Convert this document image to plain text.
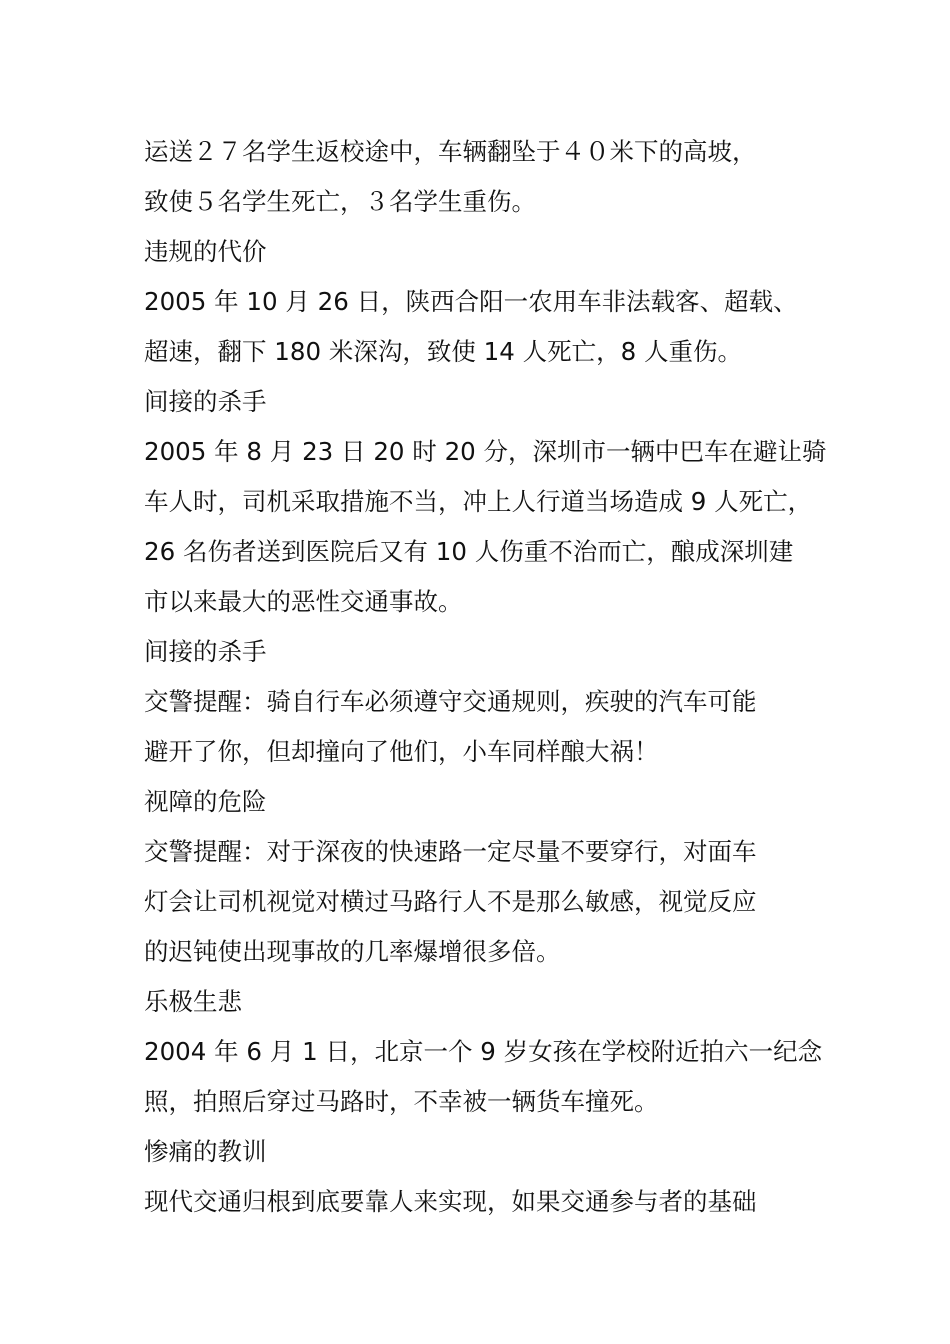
运送２７名学生返校途中，车辆翻坠于４０米下的高坡，
致使５名学生死亡，３名学生重伤。
违规的代价
2005 年 10 月 26 日，陕西合阳一农用车非法载客、超载、
超速，翻下 180 米深沟，致使 14 人死亡，8 人重伤。
间接的杀手
2005 年 8 月 23 日 20 时 20 分，深圳市一辆中巴车在避让骑
车人时，司机采取措施不当，冲上人行道当场造成 9 人死亡，
26 名伤者送到医院后又有 10 人伤重不治而亡，酿成深圳建
市以来最大的恶性交通事故。
间接的杀手
交警提醒：骑自行车必须遵守交通规则，疾驶的汽车可能
避开了你，但却撞向了他们，小车同样酿大祸！
视障的危险
交警提醒：对于深夜的快速路一定尽量不要穿行，对面车
灯会让司机视觉对横过马路行人不是那么敏感，视觉反应
的迟钝使出现事故的几率爆增很多倍。
乐极生悲
2004 年 6 月 1 日，北京一个 9 岁女孩在学校附近拍六一纪念
照，拍照后穿过马路时，不幸被一辆货车撞死。
惨痛的教训
现代交通归根到底要靠人来实现，如果交通参与者的基础
